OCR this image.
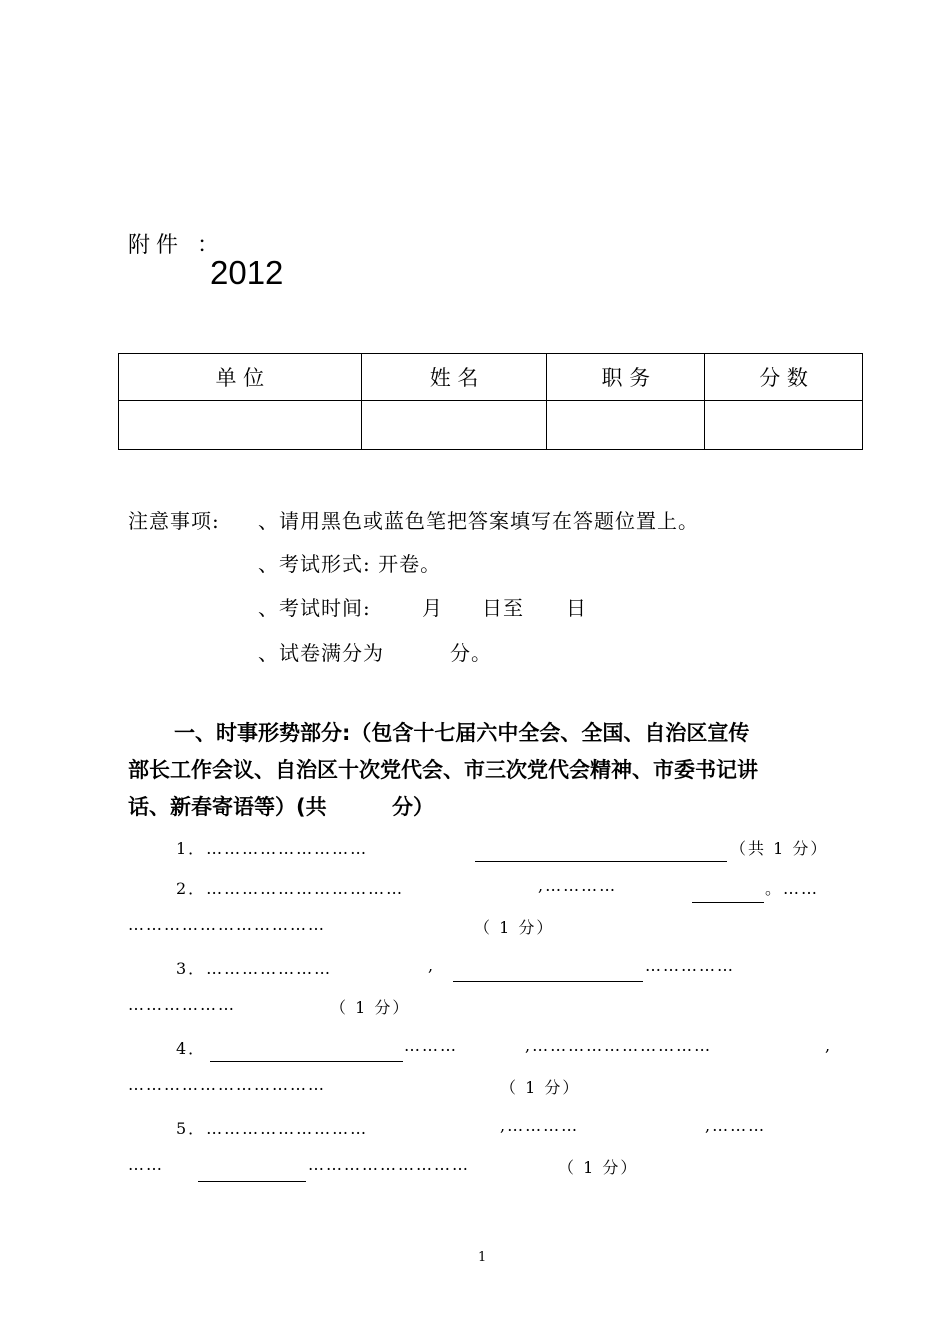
附件 ：
2012
单 位	姓 名	职 务	分 数

注意事项: 、请用黑色或蓝色笔把答案填写在答题位置上。
、考试形式: 开卷。
、考试时间:	月 日至 日
、试卷满分为	分。
一、时事形势部分:（包含十七届六中全会、全国、自治区宣传
部长工作会议、自治区十次党代会、市三次党代会精神、市委书记讲
话、新春寄语等）(共	分）
1．………………………	（共 1 分）
2．……………………………	,…………	。……
……………………………	（ 1 分）
3．…………………	,	……………
………………	（ 1 分）
4．	………	,…………………………	,
……………………………	（ 1 分）
5．………………………	,…………	,………
……	………………………	（ 1 分）
1
